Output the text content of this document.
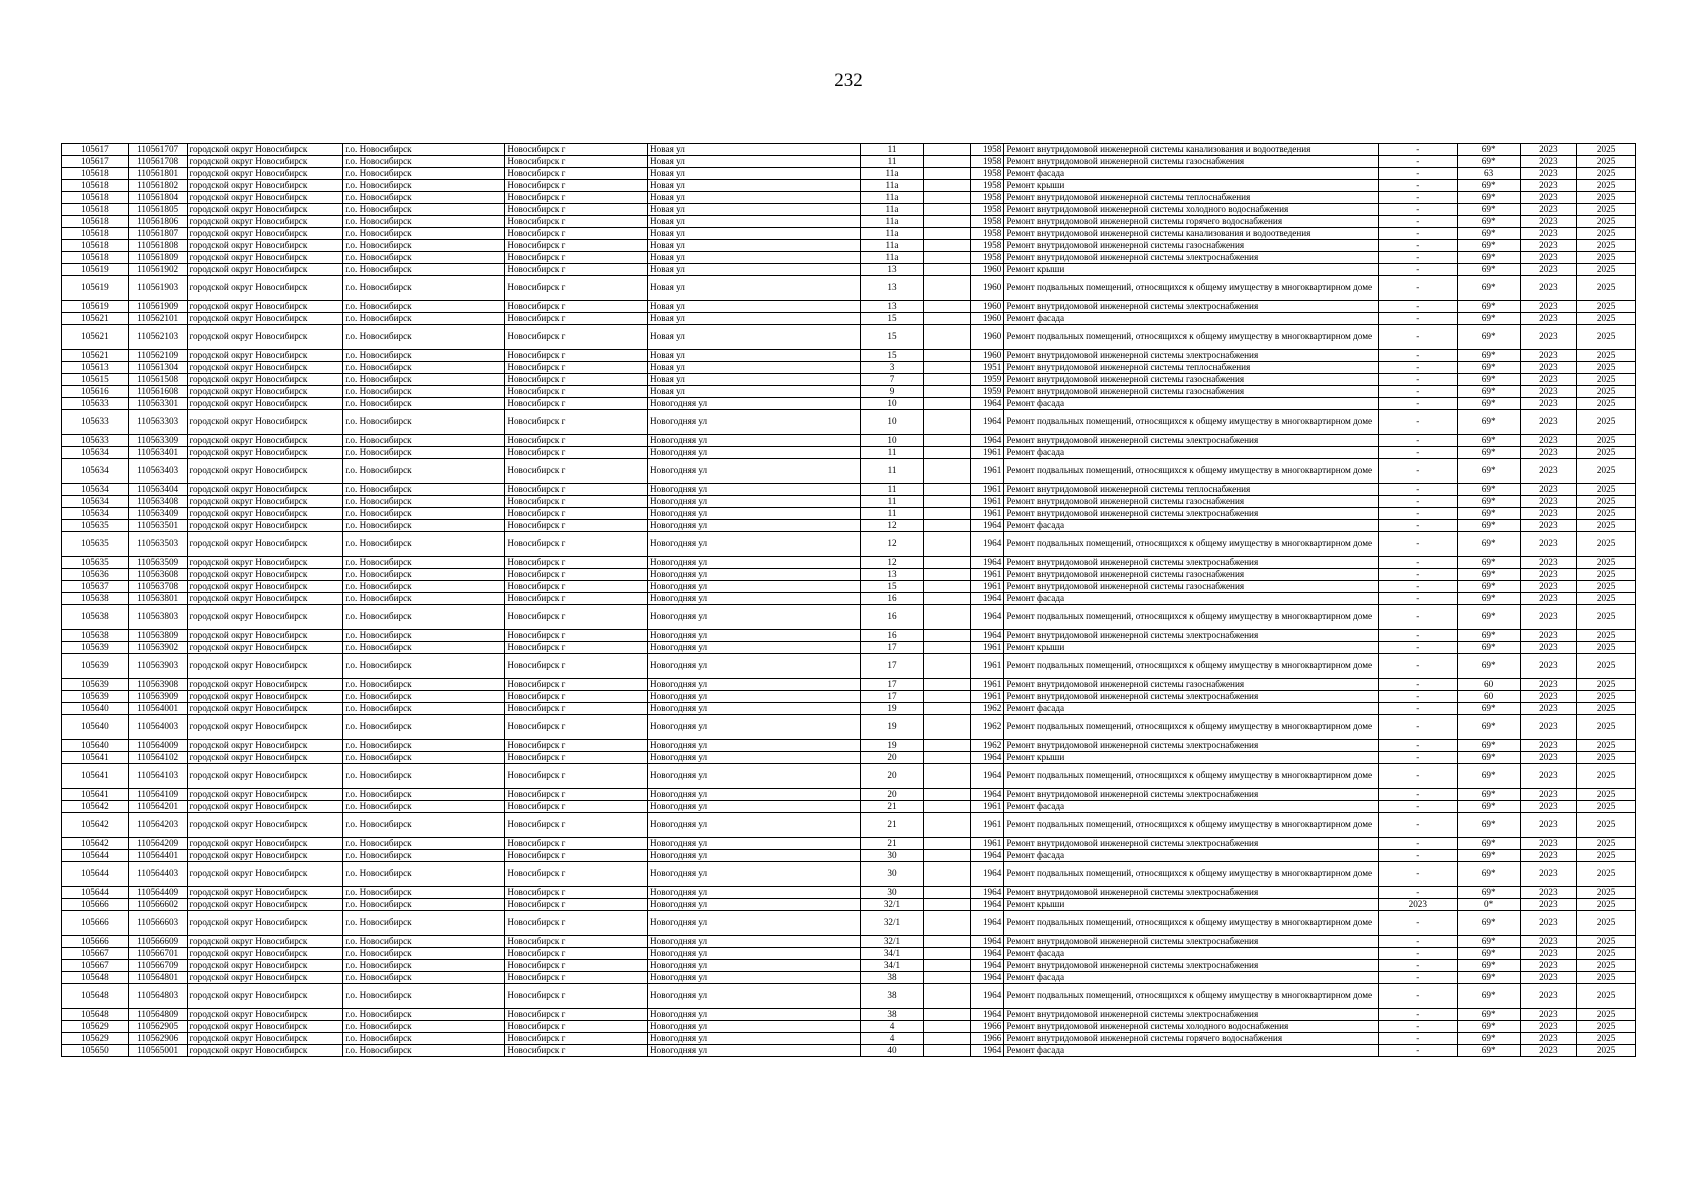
232
105617	110561707	городской округ Новосибирск	г.о. Новосибирск	Новосибирск г	Новая ул	11		1958	Ремонт внутридомовой инженерной системы канализования и водоотведения	-	69*	2023	2025
105617	110561708	городской округ Новосибирск	г.о. Новосибирск	Новосибирск г	Новая ул	11		1958	Ремонт внутридомовой инженерной системы газоснабжения	-	69*	2023	2025
105618	110561801	городской округ Новосибирск	г.о. Новосибирск	Новосибирск г	Новая ул	11а		1958	Ремонт фасада	-	63	2023	2025
105618	110561802	городской округ Новосибирск	г.о. Новосибирск	Новосибирск г	Новая ул	11а		1958	Ремонт крыши	-	69*	2023	2025
105618	110561804	городской округ Новосибирск	г.о. Новосибирск	Новосибирск г	Новая ул	11а		1958	Ремонт внутридомовой инженерной системы теплоснабжения	-	69*	2023	2025
105618	110561805	городской округ Новосибирск	г.о. Новосибирск	Новосибирск г	Новая ул	11а		1958	Ремонт внутридомовой инженерной системы холодного водоснабжения	-	69*	2023	2025
105618	110561806	городской округ Новосибирск	г.о. Новосибирск	Новосибирск г	Новая ул	11а		1958	Ремонт внутридомовой инженерной системы горячего водоснабжения	-	69*	2023	2025
105618	110561807	городской округ Новосибирск	г.о. Новосибирск	Новосибирск г	Новая ул	11а		1958	Ремонт внутридомовой инженерной системы канализования и водоотведения	-	69*	2023	2025
105618	110561808	городской округ Новосибирск	г.о. Новосибирск	Новосибирск г	Новая ул	11а		1958	Ремонт внутридомовой инженерной системы газоснабжения	-	69*	2023	2025
105618	110561809	городской округ Новосибирск	г.о. Новосибирск	Новосибирск г	Новая ул	11а		1958	Ремонт внутридомовой инженерной системы электроснабжения	-	69*	2023	2025
105619	110561902	городской округ Новосибирск	г.о. Новосибирск	Новосибирск г	Новая ул	13		1960	Ремонт крыши	-	69*	2023	2025
105619	110561903	городской округ Новосибирск	г.о. Новосибирск	Новосибирск г	Новая ул	13		1960	Ремонт подвальных помещений, относящихся к общему имуществу в многоквартирном доме	-	69*	2023	2025
105619	110561909	городской округ Новосибирск	г.о. Новосибирск	Новосибирск г	Новая ул	13		1960	Ремонт внутридомовой инженерной системы электроснабжения	-	69*	2023	2025
105621	110562101	городской округ Новосибирск	г.о. Новосибирск	Новосибирск г	Новая ул	15		1960	Ремонт фасада	-	69*	2023	2025
105621	110562103	городской округ Новосибирск	г.о. Новосибирск	Новосибирск г	Новая ул	15		1960	Ремонт подвальных помещений, относящихся к общему имуществу в многоквартирном доме	-	69*	2023	2025
105621	110562109	городской округ Новосибирск	г.о. Новосибирск	Новосибирск г	Новая ул	15		1960	Ремонт внутридомовой инженерной системы электроснабжения	-	69*	2023	2025
105613	110561304	городской округ Новосибирск	г.о. Новосибирск	Новосибирск г	Новая ул	3		1951	Ремонт внутридомовой инженерной системы теплоснабжения	-	69*	2023	2025
105615	110561508	городской округ Новосибирск	г.о. Новосибирск	Новосибирск г	Новая ул	7		1959	Ремонт внутридомовой инженерной системы газоснабжения	-	69*	2023	2025
105616	110561608	городской округ Новосибирск	г.о. Новосибирск	Новосибирск г	Новая ул	9		1959	Ремонт внутридомовой инженерной системы газоснабжения	-	69*	2023	2025
105633	110563301	городской округ Новосибирск	г.о. Новосибирск	Новосибирск г	Новогодняя ул	10		1964	Ремонт фасада	-	69*	2023	2025
105633	110563303	городской округ Новосибирск	г.о. Новосибирск	Новосибирск г	Новогодняя ул	10		1964	Ремонт подвальных помещений, относящихся к общему имуществу в многоквартирном доме	-	69*	2023	2025
105633	110563309	городской округ Новосибирск	г.о. Новосибирск	Новосибирск г	Новогодняя ул	10		1964	Ремонт внутридомовой инженерной системы электроснабжения	-	69*	2023	2025
105634	110563401	городской округ Новосибирск	г.о. Новосибирск	Новосибирск г	Новогодняя ул	11		1961	Ремонт фасада	-	69*	2023	2025
105634	110563403	городской округ Новосибирск	г.о. Новосибирск	Новосибирск г	Новогодняя ул	11		1961	Ремонт подвальных помещений, относящихся к общему имуществу в многоквартирном доме	-	69*	2023	2025
105634	110563404	городской округ Новосибирск	г.о. Новосибирск	Новосибирск г	Новогодняя ул	11		1961	Ремонт внутридомовой инженерной системы теплоснабжения	-	69*	2023	2025
105634	110563408	городской округ Новосибирск	г.о. Новосибирск	Новосибирск г	Новогодняя ул	11		1961	Ремонт внутридомовой инженерной системы газоснабжения	-	69*	2023	2025
105634	110563409	городской округ Новосибирск	г.о. Новосибирск	Новосибирск г	Новогодняя ул	11		1961	Ремонт внутридомовой инженерной системы электроснабжения	-	69*	2023	2025
105635	110563501	городской округ Новосибирск	г.о. Новосибирск	Новосибирск г	Новогодняя ул	12		1964	Ремонт фасада	-	69*	2023	2025
105635	110563503	городской округ Новосибирск	г.о. Новосибирск	Новосибирск г	Новогодняя ул	12		1964	Ремонт подвальных помещений, относящихся к общему имуществу в многоквартирном доме	-	69*	2023	2025
105635	110563509	городской округ Новосибирск	г.о. Новосибирск	Новосибирск г	Новогодняя ул	12		1964	Ремонт внутридомовой инженерной системы электроснабжения	-	69*	2023	2025
105636	110563608	городской округ Новосибирск	г.о. Новосибирск	Новосибирск г	Новогодняя ул	13		1961	Ремонт внутридомовой инженерной системы газоснабжения	-	69*	2023	2025
105637	110563708	городской округ Новосибирск	г.о. Новосибирск	Новосибирск г	Новогодняя ул	15		1961	Ремонт внутридомовой инженерной системы газоснабжения	-	69*	2023	2025
105638	110563801	городской округ Новосибирск	г.о. Новосибирск	Новосибирск г	Новогодняя ул	16		1964	Ремонт фасада	-	69*	2023	2025
105638	110563803	городской округ Новосибирск	г.о. Новосибирск	Новосибирск г	Новогодняя ул	16		1964	Ремонт подвальных помещений, относящихся к общему имуществу в многоквартирном доме	-	69*	2023	2025
105638	110563809	городской округ Новосибирск	г.о. Новосибирск	Новосибирск г	Новогодняя ул	16		1964	Ремонт внутридомовой инженерной системы электроснабжения	-	69*	2023	2025
105639	110563902	городской округ Новосибирск	г.о. Новосибирск	Новосибирск г	Новогодняя ул	17		1961	Ремонт крыши	-	69*	2023	2025
105639	110563903	городской округ Новосибирск	г.о. Новосибирск	Новосибирск г	Новогодняя ул	17		1961	Ремонт подвальных помещений, относящихся к общему имуществу в многоквартирном доме	-	69*	2023	2025
105639	110563908	городской округ Новосибирск	г.о. Новосибирск	Новосибирск г	Новогодняя ул	17		1961	Ремонт внутридомовой инженерной системы газоснабжения	-	60	2023	2025
105639	110563909	городской округ Новосибирск	г.о. Новосибирск	Новосибирск г	Новогодняя ул	17		1961	Ремонт внутридомовой инженерной системы электроснабжения	-	60	2023	2025
105640	110564001	городской округ Новосибирск	г.о. Новосибирск	Новосибирск г	Новогодняя ул	19		1962	Ремонт фасада	-	69*	2023	2025
105640	110564003	городской округ Новосибирск	г.о. Новосибирск	Новосибирск г	Новогодняя ул	19		1962	Ремонт подвальных помещений, относящихся к общему имуществу в многоквартирном доме	-	69*	2023	2025
105640	110564009	городской округ Новосибирск	г.о. Новосибирск	Новосибирск г	Новогодняя ул	19		1962	Ремонт внутридомовой инженерной системы электроснабжения	-	69*	2023	2025
105641	110564102	городской округ Новосибирск	г.о. Новосибирск	Новосибирск г	Новогодняя ул	20		1964	Ремонт крыши	-	69*	2023	2025
105641	110564103	городской округ Новосибирск	г.о. Новосибирск	Новосибирск г	Новогодняя ул	20		1964	Ремонт подвальных помещений, относящихся к общему имуществу в многоквартирном доме	-	69*	2023	2025
105641	110564109	городской округ Новосибирск	г.о. Новосибирск	Новосибирск г	Новогодняя ул	20		1964	Ремонт внутридомовой инженерной системы электроснабжения	-	69*	2023	2025
105642	110564201	городской округ Новосибирск	г.о. Новосибирск	Новосибирск г	Новогодняя ул	21		1961	Ремонт фасада	-	69*	2023	2025
105642	110564203	городской округ Новосибирск	г.о. Новосибирск	Новосибирск г	Новогодняя ул	21		1961	Ремонт подвальных помещений, относящихся к общему имуществу в многоквартирном доме	-	69*	2023	2025
105642	110564209	городской округ Новосибирск	г.о. Новосибирск	Новосибирск г	Новогодняя ул	21		1961	Ремонт внутридомовой инженерной системы электроснабжения	-	69*	2023	2025
105644	110564401	городской округ Новосибирск	г.о. Новосибирск	Новосибирск г	Новогодняя ул	30		1964	Ремонт фасада	-	69*	2023	2025
105644	110564403	городской округ Новосибирск	г.о. Новосибирск	Новосибирск г	Новогодняя ул	30		1964	Ремонт подвальных помещений, относящихся к общему имуществу в многоквартирном доме	-	69*	2023	2025
105644	110564409	городской округ Новосибирск	г.о. Новосибирск	Новосибирск г	Новогодняя ул	30		1964	Ремонт внутридомовой инженерной системы электроснабжения	-	69*	2023	2025
105666	110566602	городской округ Новосибирск	г.о. Новосибирск	Новосибирск г	Новогодняя ул	32/1		1964	Ремонт крыши	2023	0*	2023	2025
105666	110566603	городской округ Новосибирск	г.о. Новосибирск	Новосибирск г	Новогодняя ул	32/1		1964	Ремонт подвальных помещений, относящихся к общему имуществу в многоквартирном доме	-	69*	2023	2025
105666	110566609	городской округ Новосибирск	г.о. Новосибирск	Новосибирск г	Новогодняя ул	32/1		1964	Ремонт внутридомовой инженерной системы электроснабжения	-	69*	2023	2025
105667	110566701	городской округ Новосибирск	г.о. Новосибирск	Новосибирск г	Новогодняя ул	34/1		1964	Ремонт фасада	-	69*	2023	2025
105667	110566709	городской округ Новосибирск	г.о. Новосибирск	Новосибирск г	Новогодняя ул	34/1		1964	Ремонт внутридомовой инженерной системы электроснабжения	-	69*	2023	2025
105648	110564801	городской округ Новосибирск	г.о. Новосибирск	Новосибирск г	Новогодняя ул	38		1964	Ремонт фасада	-	69*	2023	2025
105648	110564803	городской округ Новосибирск	г.о. Новосибирск	Новосибирск г	Новогодняя ул	38		1964	Ремонт подвальных помещений, относящихся к общему имуществу в многоквартирном доме	-	69*	2023	2025
105648	110564809	городской округ Новосибирск	г.о. Новосибирск	Новосибирск г	Новогодняя ул	38		1964	Ремонт внутридомовой инженерной системы электроснабжения	-	69*	2023	2025
105629	110562905	городской округ Новосибирск	г.о. Новосибирск	Новосибирск г	Новогодняя ул	4		1966	Ремонт внутридомовой инженерной системы холодного водоснабжения	-	69*	2023	2025
105629	110562906	городской округ Новосибирск	г.о. Новосибирск	Новосибирск г	Новогодняя ул	4		1966	Ремонт внутридомовой инженерной системы горячего водоснабжения	-	69*	2023	2025
105650	110565001	городской округ Новосибирск	г.о. Новосибирск	Новосибирск г	Новогодняя ул	40		1964	Ремонт фасада	-	69*	2023	2025
